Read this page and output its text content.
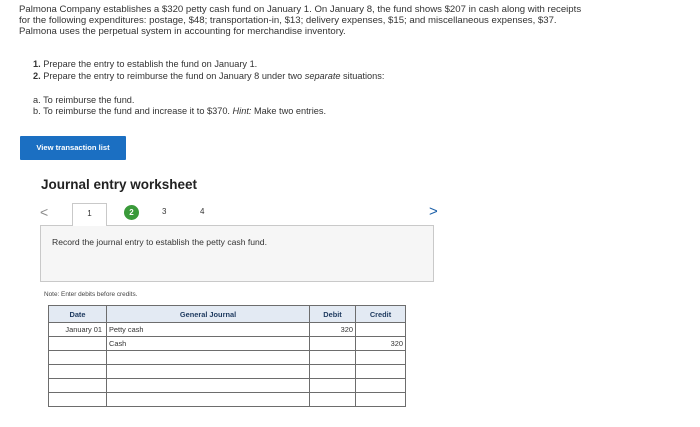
Palmona Company establishes a $320 petty cash fund on January 1. On January 8, the fund shows $207 in cash along with receipts

for the following expenditures: postage, $48; transportation-in, $13; delivery expenses, $15; and miscellaneous expenses, $37.

Palmona uses the perpetual system in accounting for merchandise inventory.

1. Prepare the entry to establish the fund on January 1.
2. Prepare the entry to reimburse the fund on January 8 under two separate situations:
a. To reimburse the fund.
b. To reimburse the fund and increase it to $370. Hint: Make two entries.
View transaction list
Journal entry worksheet
<	1	2	3	4	>
Record the journal entry to establish the petty cash fund.
Note: Enter debits before credits.
Date	General Journal	Debit	Credit
January 01	Petty cash	320	
	Cash		320
